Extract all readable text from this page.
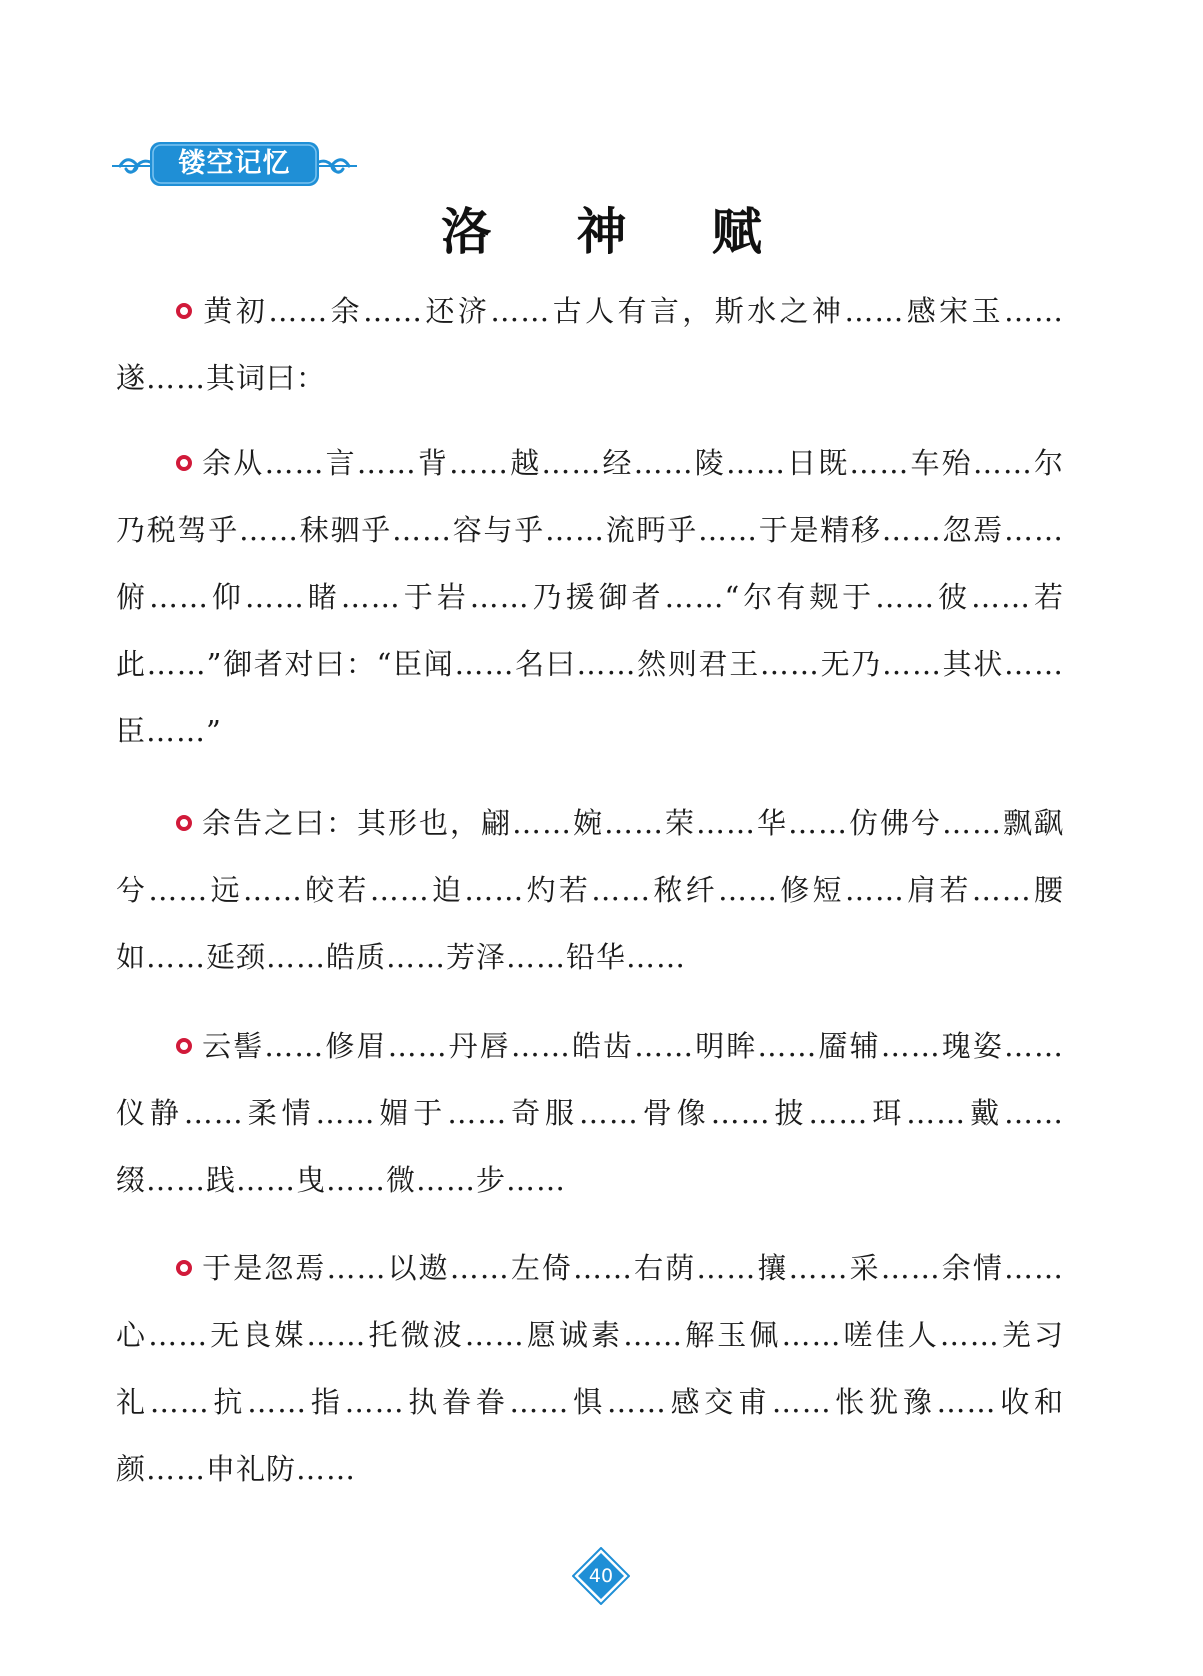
镂空记忆
洛 神 赋

黄初……余……还济……古人有言，斯水之神……感宋玉……遂……其词曰：

余从……言……背……越……经……陵……日既……车殆……尔乃税驾乎……秣驷乎……容与乎……流眄乎……于是精移……忽焉……俯……仰……睹……于岩……乃援御者……“尔有觌于……彼……若此……”御者对曰：“臣闻……名曰……然则君王……无乃……其状……臣……”

余告之曰：其形也，翩……婉……荣……华……仿佛兮……飘飖兮……远……皎若……迫……灼若……秾纤……修短……肩若……腰如……延颈……皓质……芳泽……铅华……

云髻……修眉……丹唇……皓齿……明眸……靥辅……瑰姿……仪静……柔情……媚于……奇服……骨像……披……珥……戴……缀……践……曳……微……步……

于是忽焉……以遨……左倚……右荫……攘……采……余情……心……无良媒……托微波……愿诚素……解玉佩……嗟佳人……羌习礼……抗……指……执眷眷……惧……感交甫……怅犹豫……收和颜……申礼防……

40
